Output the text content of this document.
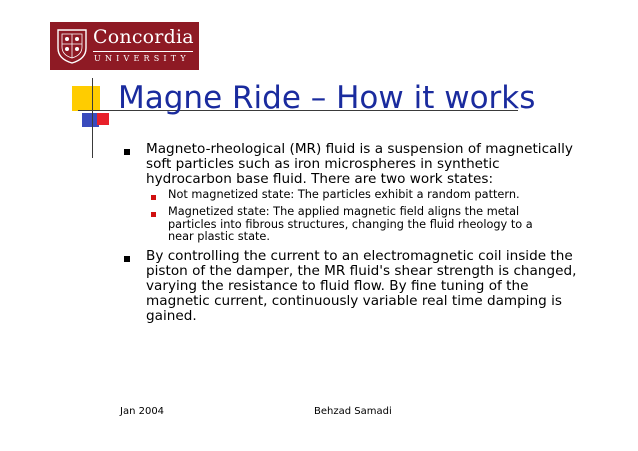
Concordia
UNIVERSITY
Magne Ride – How it works
Magneto-rheological (MR) fluid is a suspension of magnetically
soft particles such as iron microspheres in synthetic
hydrocarbon base fluid. There are two work states:
Not magnetized state: The particles exhibit a random pattern.
Magnetized state: The applied magnetic field aligns the metal
particles into fibrous structures, changing the fluid rheology to a
near plastic state.
By controlling the current to an electromagnetic coil inside the
piston of the damper, the MR fluid's shear strength is changed,
varying the resistance to fluid flow. By fine tuning of the
magnetic current, continuously variable real time damping is
gained.
Jan 2004	Behzad Samadi
